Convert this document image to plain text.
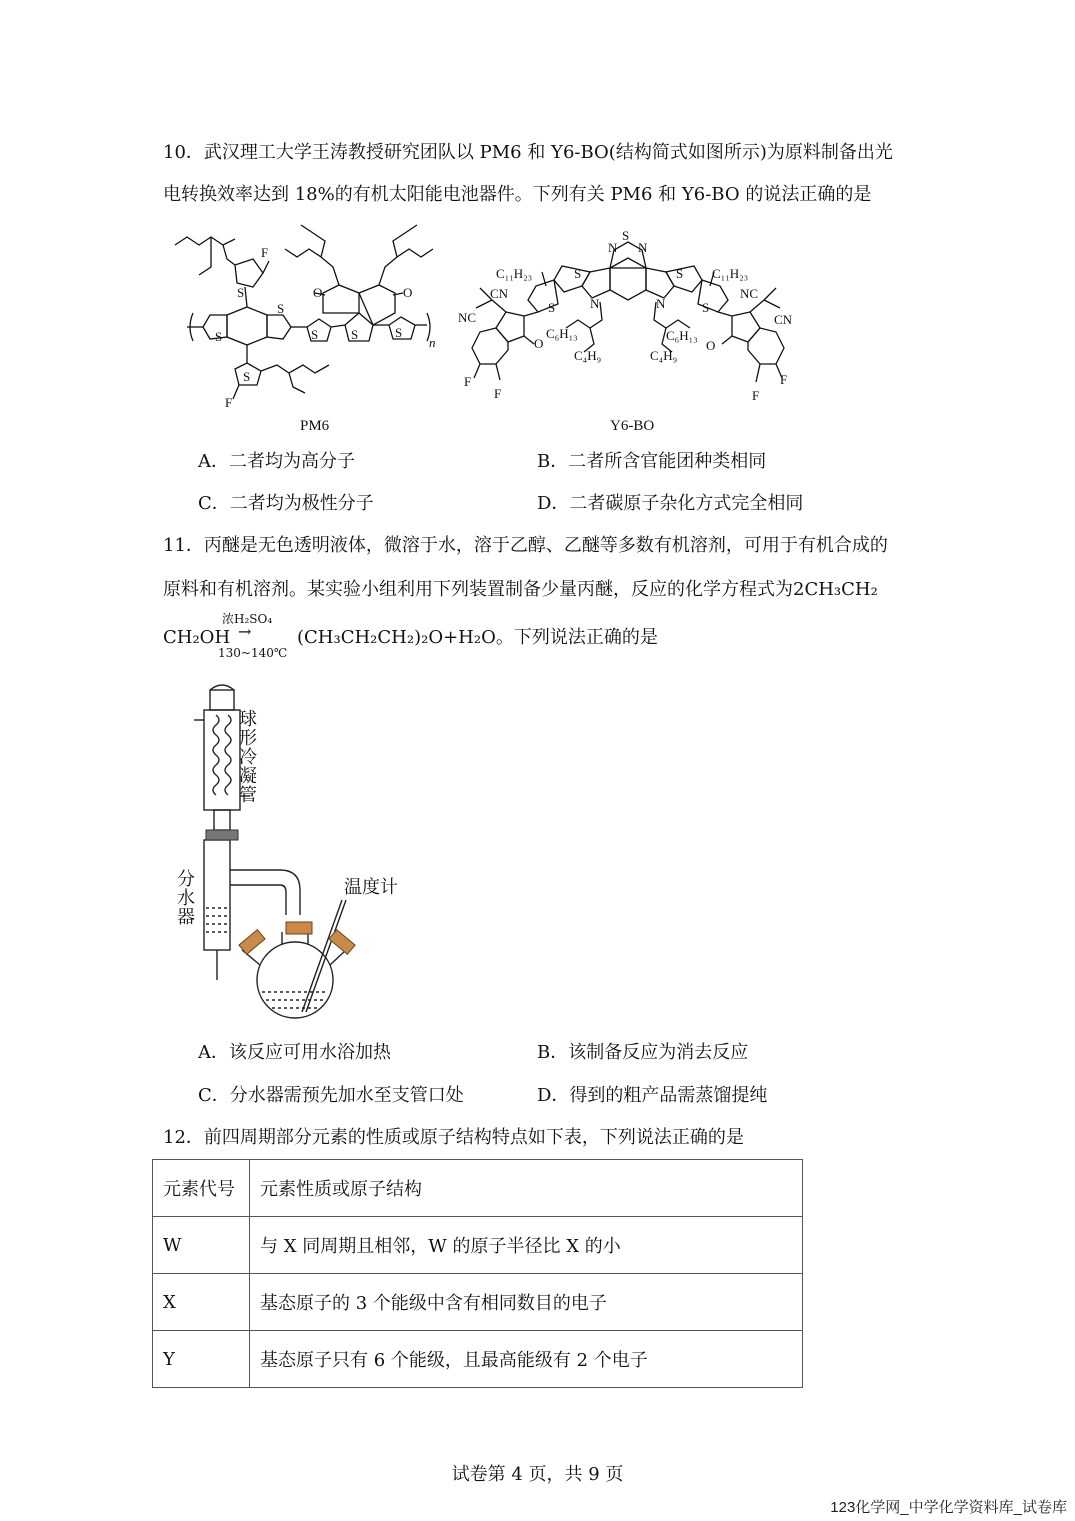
10．武汉理工大学王涛教授研究团队以 PM6 和 Y6-BO(结构简式如图所示)为原料制备出光
电转换效率达到 18%的有机太阳能电池器件。下列有关 PM6 和 Y6-BO 的说法正确的是
F
S
S
S
S	S
O	O
S
S
F
n
PM6
S
N N
S	S
N	N
S	S
C₁₁H₂₃	C₁₁H₂₃
CN	NC
NC	CN
O	O
C₆H₁₃	C₆H₁₃
C₄H₉	C₄H₉
F
F
F
F
Y6-BO
A．二者均为高分子	B．二者所含官能团种类相同
C．二者均为极性分子	D．二者碳原子杂化方式完全相同
11．丙醚是无色透明液体，微溶于水，溶于乙醇、乙醚等多数有机溶剂，可用于有机合成的
原料和有机溶剂。某实验小组利用下列装置制备少量丙醚，反应的化学方程式为2CH₃CH₂
CH₂OH
浓H₂SO₄
→
130~140℃
(CH₃CH₂CH₂)₂O+H₂O。下列说法正确的是
球形冷凝管
分水器
温度计
A．该反应可用水浴加热	B．该制备反应为消去反应
C．分水器需预先加水至支管口处	D．得到的粗产品需蒸馏提纯
12．前四周期部分元素的性质或原子结构特点如下表，下列说法正确的是
元素代号	元素性质或原子结构
W	与 X 同周期且相邻，W 的原子半径比 X 的小
X	基态原子的 3 个能级中含有相同数目的电子
Y	基态原子只有 6 个能级，且最高能级有 2 个电子
试卷第 4 页，共 9 页
123化学网_中学化学资料库_试卷库
